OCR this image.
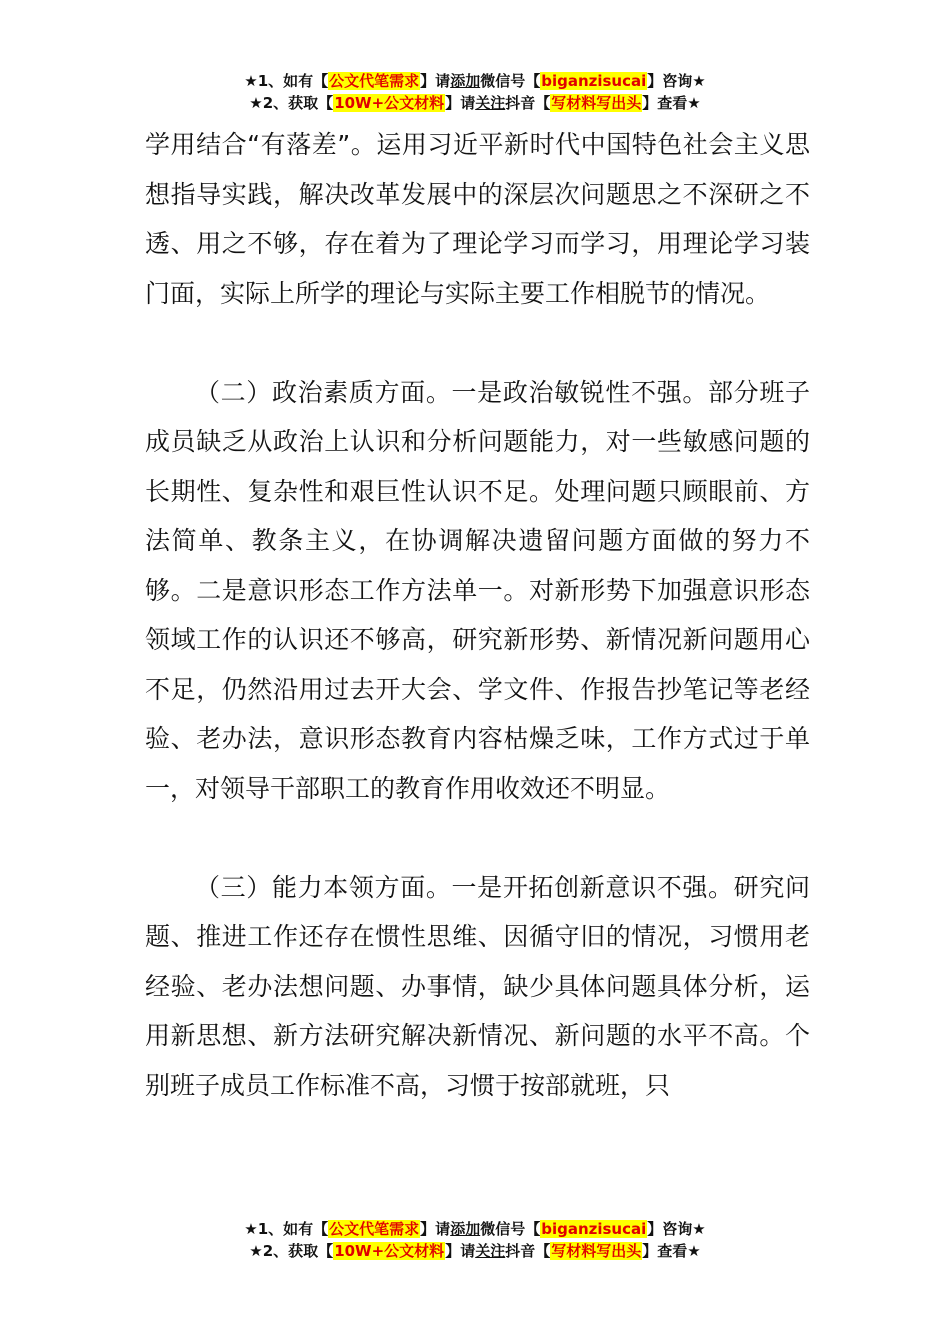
★1、如有【公文代笔需求】请添加微信号【biganzisucai】咨询★
★2、获取【10W+公文材料】请关注抖音【写材料写出头】查看★

学用结合“有落差”。运用习近平新时代中国特色社会主义思想指导实践，解决改革发展中的深层次问题思之不深研之不透、用之不够，存在着为了理论学习而学习，用理论学习装门面，实际上所学的理论与实际主要工作相脱节的情况。

（二）政治素质方面。一是政治敏锐性不强。部分班子成员缺乏从政治上认识和分析问题能力，对一些敏感问题的长期性、复杂性和艰巨性认识不足。处理问题只顾眼前、方法简单、教条主义，在协调解决遗留问题方面做的努力不够。二是意识形态工作方法单一。对新形势下加强意识形态领域工作的认识还不够高，研究新形势、新情况新问题用心不足，仍然沿用过去开大会、学文件、作报告抄笔记等老经验、老办法，意识形态教育内容枯燥乏味，工作方式过于单一，对领导干部职工的教育作用收效还不明显。

（三）能力本领方面。一是开拓创新意识不强。研究问题、推进工作还存在惯性思维、因循守旧的情况，习惯用老经验、老办法想问题、办事情，缺少具体问题具体分析，运用新思想、新方法研究解决新情况、新问题的水平不高。个别班子成员工作标准不高，习惯于按部就班，只

★1、如有【公文代笔需求】请添加微信号【biganzisucai】咨询★
★2、获取【10W+公文材料】请关注抖音【写材料写出头】查看★
